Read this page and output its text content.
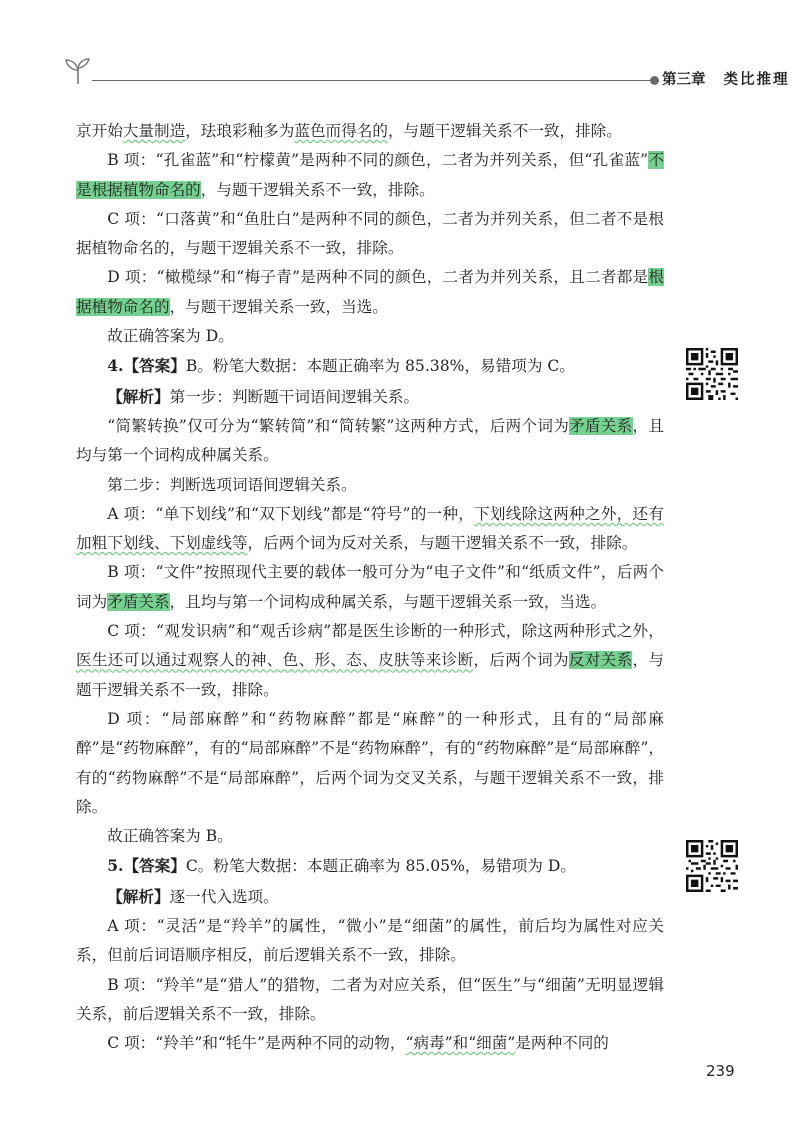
第三章 类比推理

京开始大量制造，珐琅彩釉多为蓝色而得名的，与题干逻辑关系不一致，排除。

B 项：“孔雀蓝”和“柠檬黄”是两种不同的颜色，二者为并列关系，但“孔雀蓝”不是根据植物命名的，与题干逻辑关系不一致，排除。

C 项：“口落黄”和“鱼肚白”是两种不同的颜色，二者为并列关系，但二者不是根据植物命名的，与题干逻辑关系不一致，排除。

D 项：“橄榄绿”和“梅子青”是两种不同的颜色，二者为并列关系，且二者都是根据植物命名的，与题干逻辑关系一致，当选。

故正确答案为 D。

4.【答案】B。粉笔大数据：本题正确率为 85.38%，易错项为 C。

【解析】第一步：判断题干词语间逻辑关系。

“简繁转换”仅可分为“繁转简”和“简转繁”这两种方式，后两个词为矛盾关系，且均与第一个词构成种属关系。

第二步：判断选项词语间逻辑关系。

A 项：“单下划线”和“双下划线”都是“符号”的一种，下划线除这两种之外，还有加粗下划线、下划虚线等，后两个词为反对关系，与题干逻辑关系不一致，排除。

B 项：“文件”按照现代主要的载体一般可分为“电子文件”和“纸质文件”，后两个词为矛盾关系，且均与第一个词构成种属关系，与题干逻辑关系一致，当选。

C 项：“观发识病”和“观舌诊病”都是医生诊断的一种形式，除这两种形式之外，医生还可以通过观察人的神、色、形、态、皮肤等来诊断，后两个词为反对关系，与题干逻辑关系不一致，排除。

D 项：“局部麻醉”和“药物麻醉”都是“麻醉”的一种形式，且有的“局部麻醉”是“药物麻醉”，有的“局部麻醉”不是“药物麻醉”，有的“药物麻醉”是“局部麻醉”，有的“药物麻醉”不是“局部麻醉”，后两个词为交叉关系，与题干逻辑关系不一致，排除。

故正确答案为 B。

5.【答案】C。粉笔大数据：本题正确率为 85.05%，易错项为 D。

【解析】逐一代入选项。

A 项：“灵活”是“羚羊”的属性，“微小”是“细菌”的属性，前后均为属性对应关系，但前后词语顺序相反，前后逻辑关系不一致，排除。

B 项：“羚羊”是“猎人”的猎物，二者为对应关系，但“医生”与“细菌”无明显逻辑关系，前后逻辑关系不一致，排除。

C 项：“羚羊”和“牦牛”是两种不同的动物，“病毒”和“细菌”是两种不同的

239
